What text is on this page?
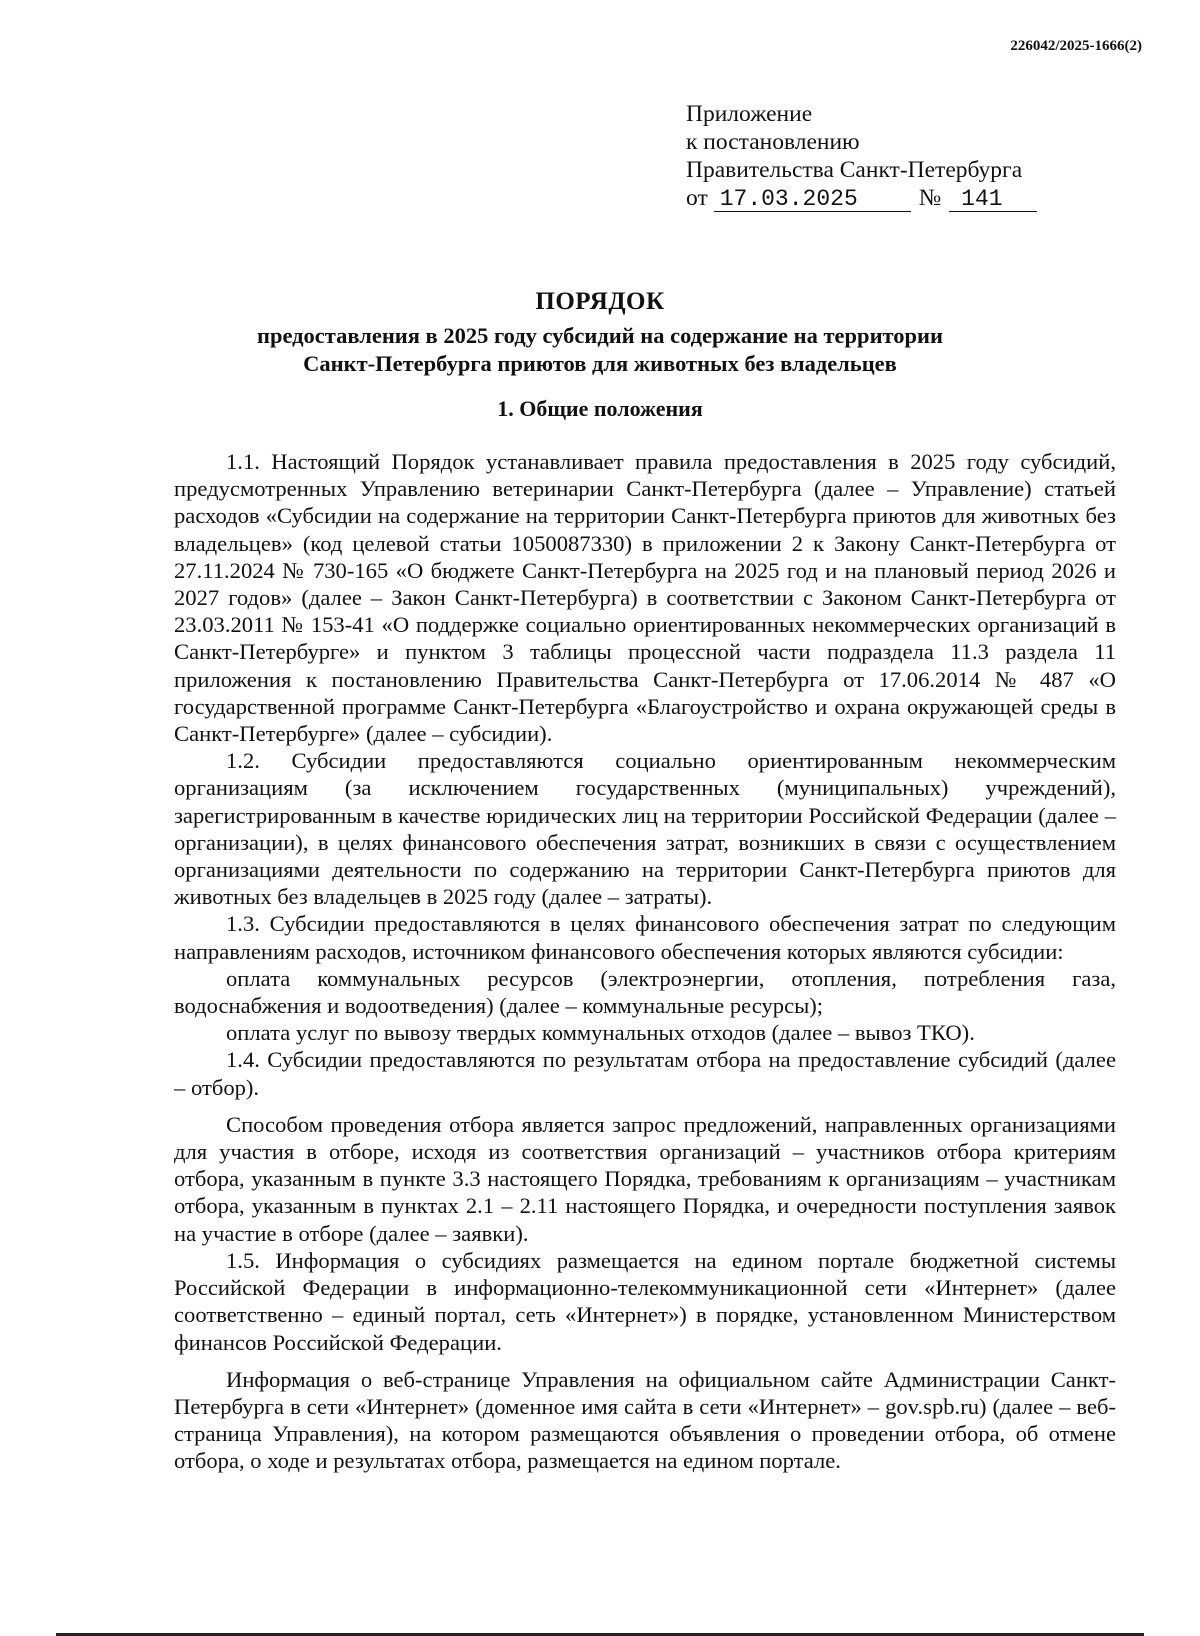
226042/2025-1666(2)
Приложение
к постановлению
Правительства Санкт-Петербурга
от 17.03.2025	№ 141
ПОРЯДОК
предоставления в 2025 году субсидий на содержание на территории
Санкт-Петербурга приютов для животных без владельцев
1. Общие положения

1.1. Настоящий Порядок устанавливает правила предоставления в 2025 году субсидий, предусмотренных Управлению ветеринарии Санкт-Петербурга (далее – Управление) статьей расходов «Субсидии на содержание на территории Санкт-Петербурга приютов для животных без владельцев» (код целевой статьи 1050087330) в приложении 2 к Закону Санкт-Петербурга от 27.11.2024 № 730-165 «О бюджете Санкт-Петербурга на 2025 год и на плановый период 2026 и 2027 годов» (далее – Закон Санкт-Петербурга) в соответствии с Законом Санкт-Петербурга от 23.03.2011 № 153-41 «О поддержке социально ориентированных некоммерческих организаций в Санкт-Петербурге» и пунктом 3 таблицы процессной части подраздела 11.3 раздела 11 приложения к постановлению Правительства Санкт-Петербурга от 17.06.2014 № 487 «О государственной программе Санкт-Петербурга «Благоустройство и охрана окружающей среды в Санкт-Петербурге» (далее – субсидии).

1.2. Субсидии предоставляются социально ориентированным некоммерческим организациям (за исключением государственных (муниципальных) учреждений), зарегистрированным в качестве юридических лиц на территории Российской Федерации (далее – организации), в целях финансового обеспечения затрат, возникших в связи с осуществлением организациями деятельности по содержанию на территории Санкт-Петербурга приютов для животных без владельцев в 2025 году (далее – затраты).

1.3. Субсидии предоставляются в целях финансового обеспечения затрат по следующим направлениям расходов, источником финансового обеспечения которых являются субсидии:

оплата коммунальных ресурсов (электроэнергии, отопления, потребления газа, водоснабжения и водоотведения) (далее – коммунальные ресурсы);

оплата услуг по вывозу твердых коммунальных отходов (далее – вывоз ТКО).

1.4. Субсидии предоставляются по результатам отбора на предоставление субсидий (далее – отбор).

Способом проведения отбора является запрос предложений, направленных организациями для участия в отборе, исходя из соответствия организаций – участников отбора критериям отбора, указанным в пункте 3.3 настоящего Порядка, требованиям к организациям – участникам отбора, указанным в пунктах 2.1 – 2.11 настоящего Порядка, и очередности поступления заявок на участие в отборе (далее – заявки).

1.5. Информация о субсидиях размещается на едином портале бюджетной системы Российской Федерации в информационно-телекоммуникационной сети «Интернет» (далее соответственно – единый портал, сеть «Интернет») в порядке, установленном Министерством финансов Российской Федерации.

Информация о веб-странице Управления на официальном сайте Администрации Санкт-Петербурга в сети «Интернет» (доменное имя сайта в сети «Интернет» – gov.spb.ru) (далее – веб-страница Управления), на котором размещаются объявления о проведении отбора, об отмене отбора, о ходе и результатах отбора, размещается на едином портале.
